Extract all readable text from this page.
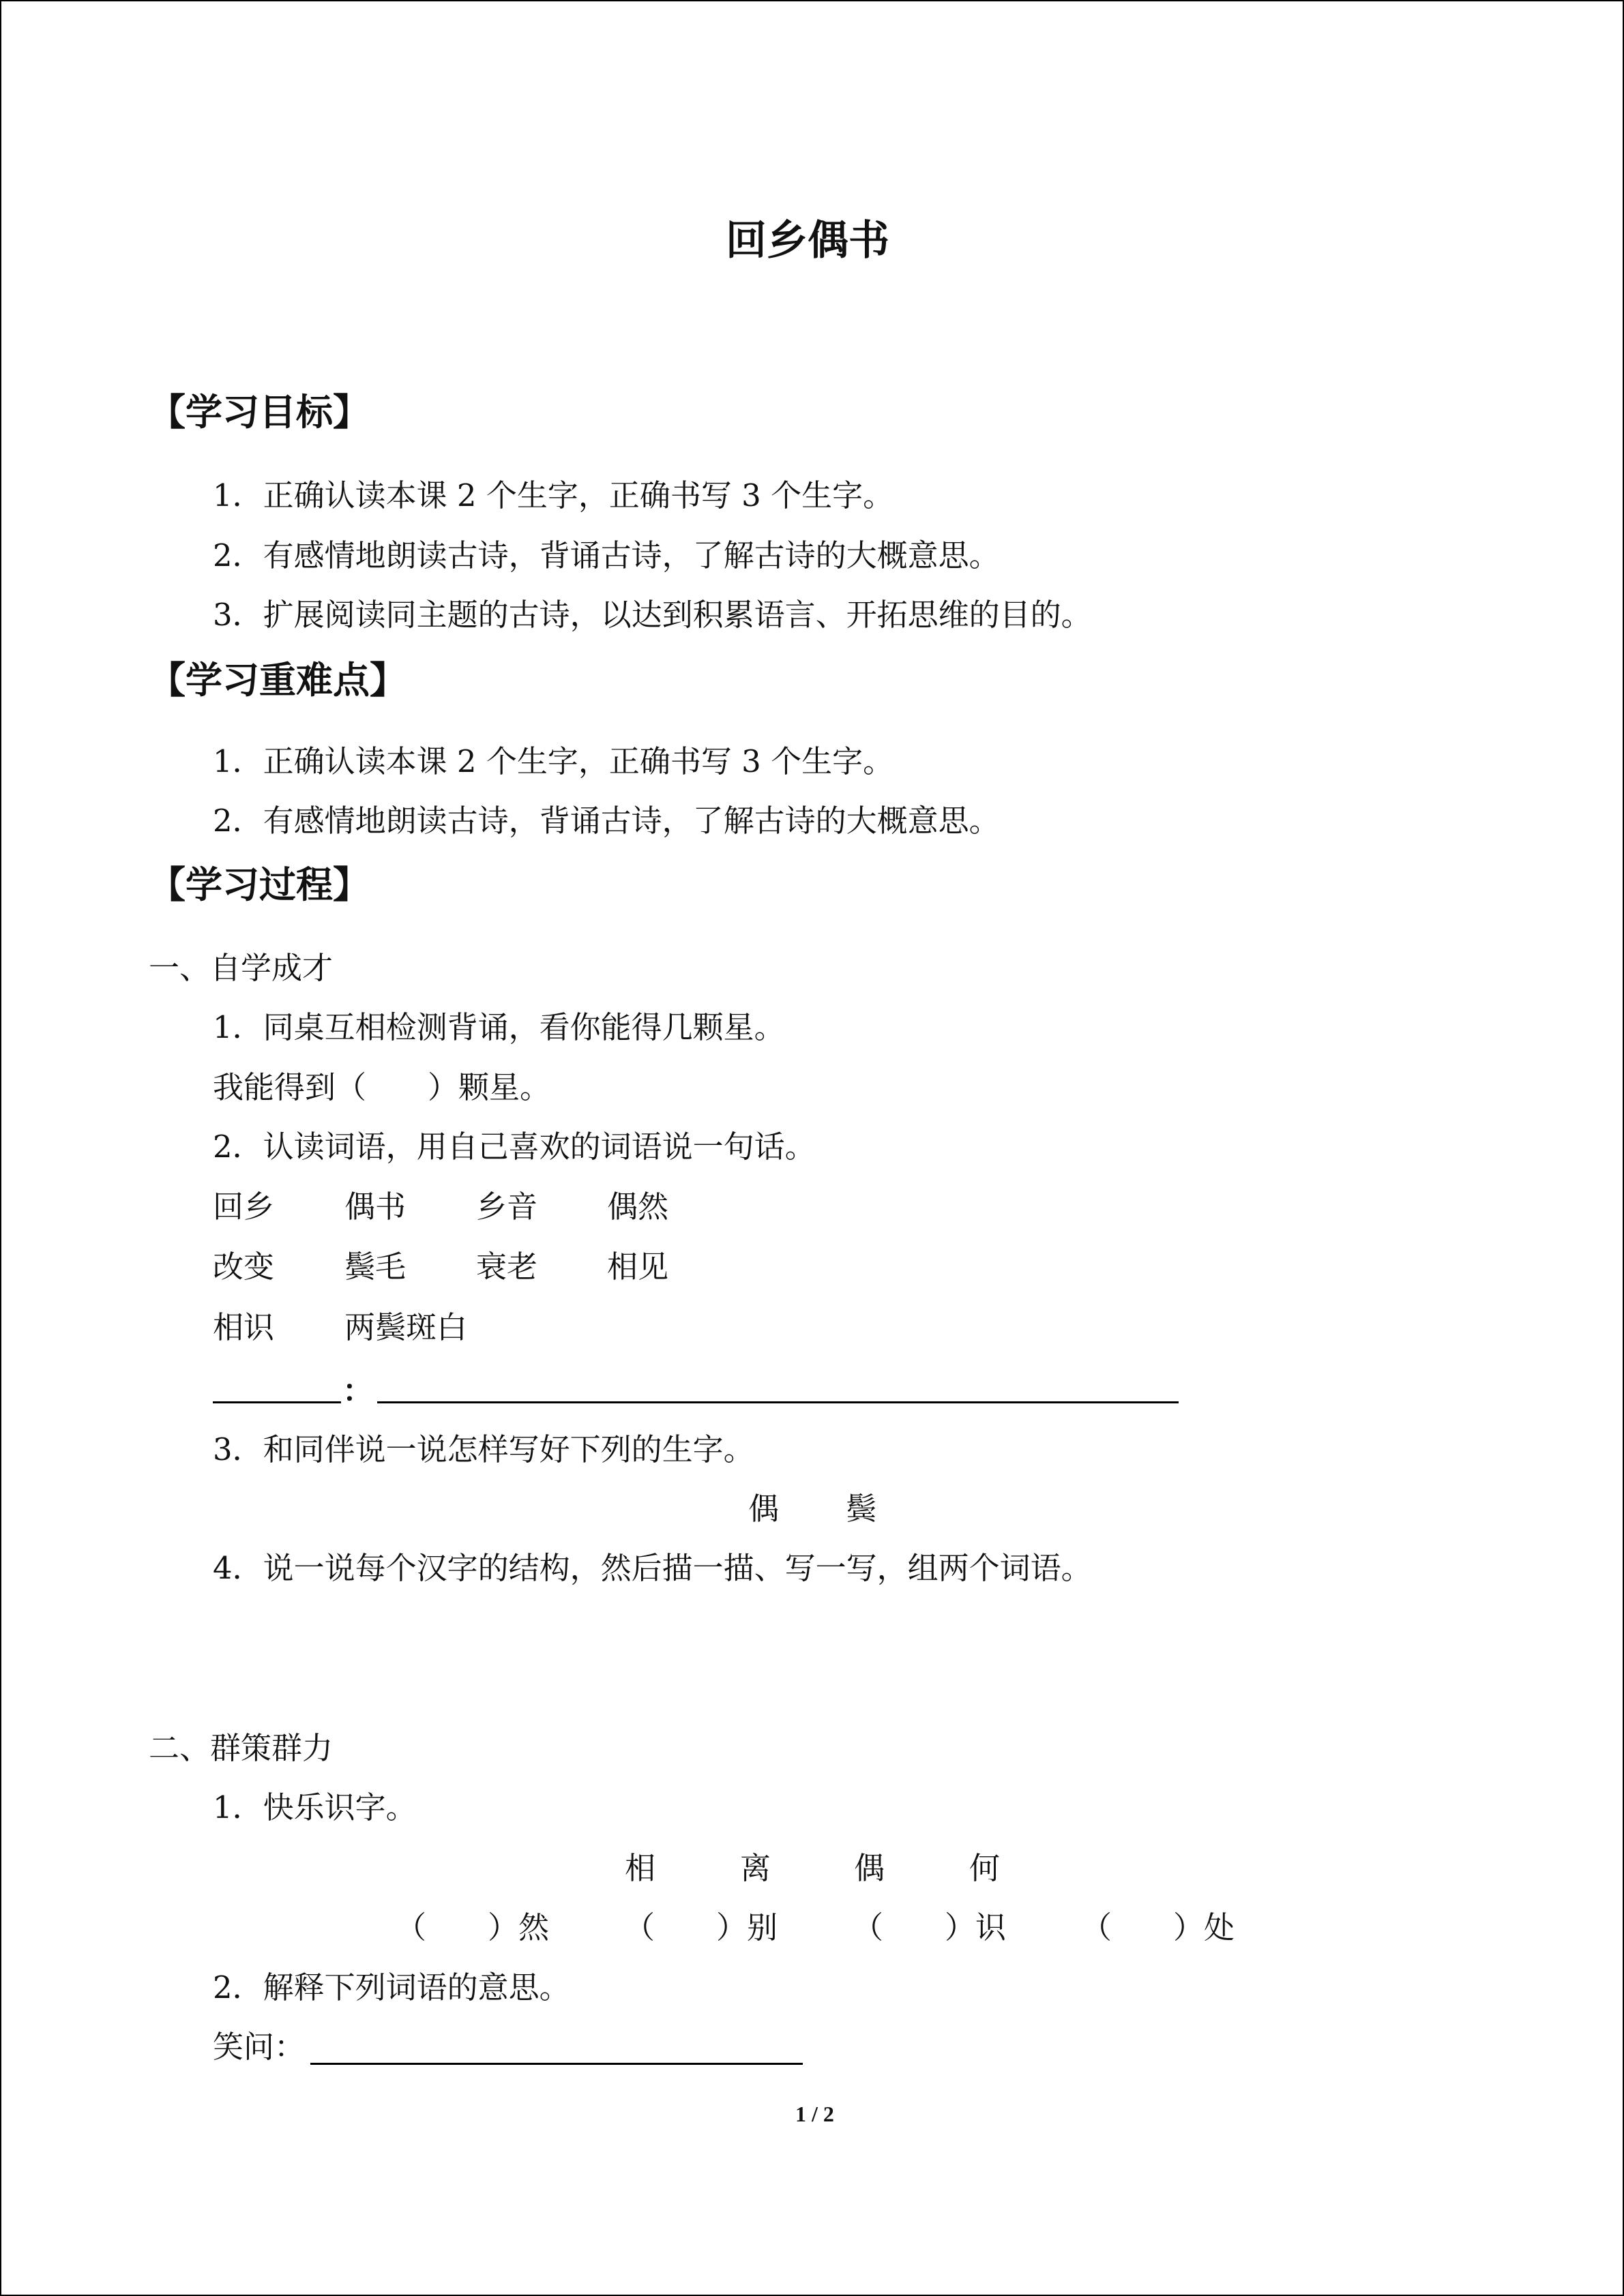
回乡偶书
【学习目标】
1．正确认读本课 2 个生字，正确书写 3 个生字。
2．有感情地朗读古诗，背诵古诗，了解古诗的大概意思。
3．扩展阅读同主题的古诗，以达到积累语言、开拓思维的目的。
【学习重难点】
1．正确认读本课 2 个生字，正确书写 3 个生字。
2．有感情地朗读古诗，背诵古诗，了解古诗的大概意思。
【学习过程】
一、自学成才
1．同桌互相检测背诵，看你能得几颗星。
我能得到（　　）颗星。
2．认读词语，用自己喜欢的词语说一句话。
回乡 偶书 乡音 偶然
改变 鬓毛 衰老 相见
相识 两鬓斑白
：
3．和同伴说一说怎样写好下列的生字。
偶 鬓
4．说一说每个汉字的结构，然后描一描、写一写，组两个词语。
二、群策群力
1．快乐识字。
相	离	偶	何
（　　）然 （　　）别 （　　）识 （　　）处
2．解释下列词语的意思。
笑问：
1 / 2
